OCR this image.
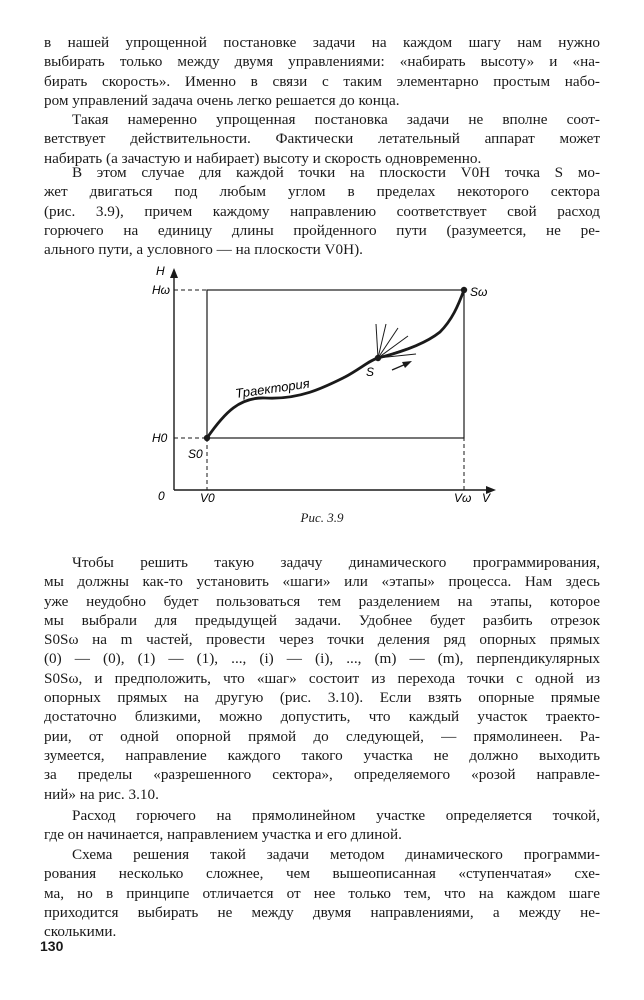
в нашей упрощенной постановке задачи на каждом шагу нам нужно
выбирать только между двумя управлениями: «набирать высоту» и «на-
бирать скорость». Именно в связи с таким элементарно простым набо-
ром управлений задача очень легко решается до конца.

Такая намеренно упрощенная постановка задачи не вполне соот-
ветствует действительности. Фактически летательный аппарат может
набирать (а зачастую и набирает) высоту и скорость одновременно.

В этом случае для каждой точки на плоскости V0H точка S мо-
жет двигаться под любым углом в пределах некоторого сектора
(рис. 3.9), причем каждому направлению соответствует свой расход
горючего на единицу длины пройденного пути (разумеется, не ре-
ального пути, а условного — на плоскости V0H).

H
Hω
H0
S0
0	V0	Vω V
Sω
S
Траектория
Рис. 3.9

Чтобы решить такую задачу динамического программирования,
мы должны как-то установить «шаги» или «этапы» процесса. Нам здесь
уже неудобно будет пользоваться тем разделением на этапы, которое
мы выбрали для предыдущей задачи. Удобнее будет разбить отрезок
S0Sω на m частей, провести через точки деления ряд опорных прямых
(0) — (0), (1) — (1), ..., (i) — (i), ..., (m) — (m), перпендикулярных
S0Sω, и предположить, что «шаг» состоит из перехода точки с одной из
опорных прямых на другую (рис. 3.10). Если взять опорные прямые
достаточно близкими, можно допустить, что каждый участок траекто-
рии, от одной опорной прямой до следующей, — прямолинеен. Ра-
зумеется, направление каждого такого участка не должно выходить
за пределы «разрешенного сектора», определяемого «розой направле-
ний» на рис. 3.10.

Расход горючего на прямолинейном участке определяется точкой,
где он начинается, направлением участка и его длиной.

Схема решения такой задачи методом динамического программи-
рования несколько сложнее, чем вышеописанная «ступенчатая» схе-
ма, но в принципе отличается от нее только тем, что на каждом шаге
приходится выбирать не между двумя направлениями, а между не-
сколькими.

130
